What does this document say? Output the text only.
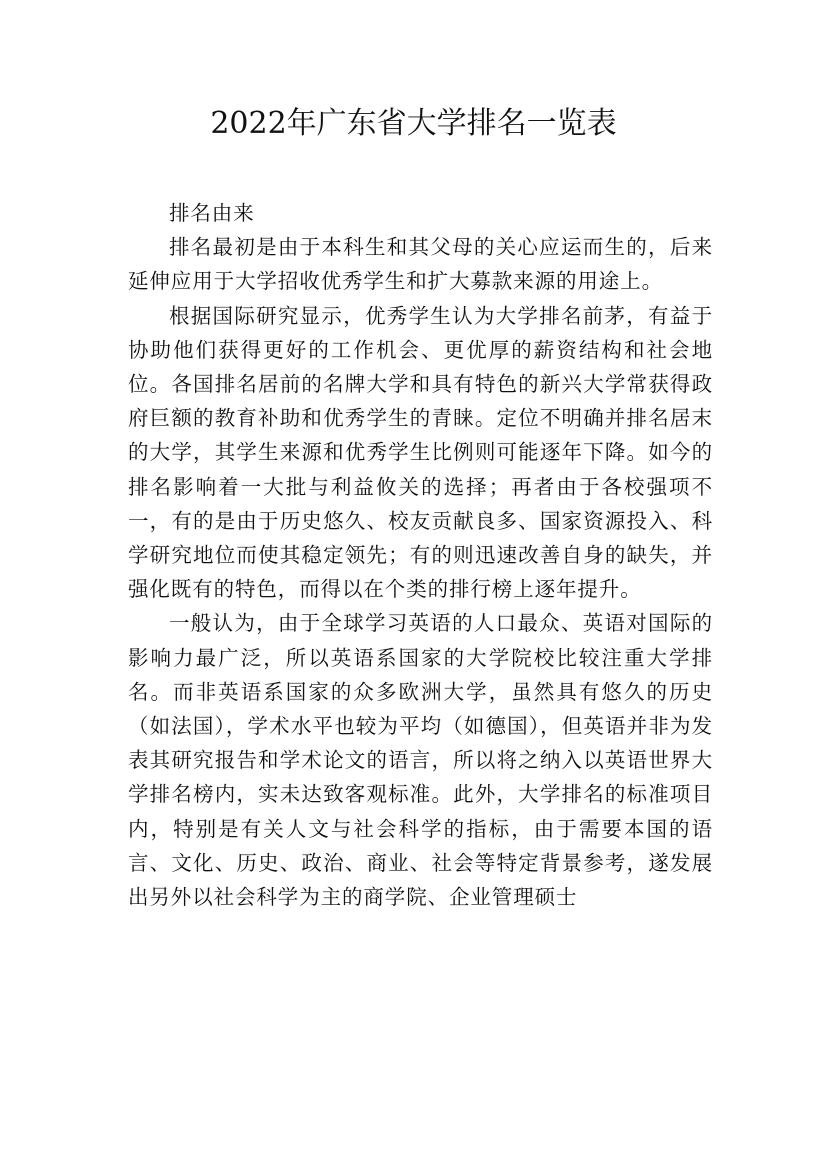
2022年广东省大学排名一览表

排名由来

排名最初是由于本科生和其父母的关心应运而生的，后来延伸应用于大学招收优秀学生和扩大募款来源的用途上。

根据国际研究显示，优秀学生认为大学排名前茅，有益于协助他们获得更好的工作机会、更优厚的薪资结构和社会地位。各国排名居前的名牌大学和具有特色的新兴大学常获得政府巨额的教育补助和优秀学生的青睐。定位不明确并排名居末的大学，其学生来源和优秀学生比例则可能逐年下降。如今的排名影响着一大批与利益攸关的选择；再者由于各校强项不一，有的是由于历史悠久、校友贡献良多、国家资源投入、科学研究地位而使其稳定领先；有的则迅速改善自身的缺失，并强化既有的特色，而得以在个类的排行榜上逐年提升。

一般认为，由于全球学习英语的人口最众、英语对国际的影响力最广泛，所以英语系国家的大学院校比较注重大学排名。而非英语系国家的众多欧洲大学，虽然具有悠久的历史（如法国），学术水平也较为平均（如德国），但英语并非为发表其研究报告和学术论文的语言，所以将之纳入以英语世界大学排名榜内，实未达致客观标准。此外，大学排名的标准项目内，特别是有关人文与社会科学的指标，由于需要本国的语言、文化、历史、政治、商业、社会等特定背景参考，遂发展出另外以社会科学为主的商学院、企业管理硕士
